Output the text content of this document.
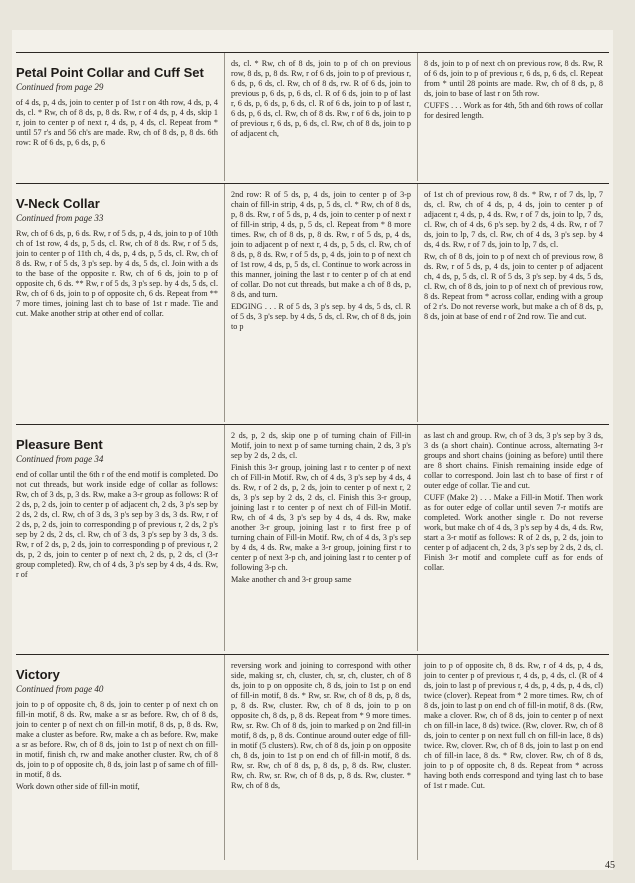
Petal Point Collar and Cuff Set
Continued from page 29

of 4 ds, p, 4 ds, join to center p of 1st r on 4th row, 4 ds, p, 4 ds, cl. * Rw, ch of 8 ds, p, 8 ds. Rw, r of 4 ds, p, 4 ds, skip 1 r, join to center p of next r, 4 ds, p, 4 ds, cl. Repeat from * until 57 r's and 56 ch's are made. Rw, ch of 8 ds, p, 8 ds. 6th row: R of 6 ds, p, 6 ds, p, 6

ds, cl. * Rw, ch of 8 ds, join to p of ch on previous row, 8 ds, p, 8 ds. Rw, r of 6 ds, join to p of previous r, 6 ds, p, 6 ds, cl. Rw, ch of 8 ds, rw. R of 6 ds, join to previous p, 6 ds, p, 6 ds, cl. R of 6 ds, join to p of last r, 6 ds, p, 6 ds, p, 6 ds, cl. R of 6 ds, join to p of last r, 6 ds, p, 6 ds, cl. Rw, ch of 8 ds. Rw, r of 6 ds, join to p of previous r, 6 ds, p, 6 ds, cl. Rw, ch of 8 ds, join to p of adjacent ch,

8 ds, join to p of next ch on previous row, 8 ds. Rw, R of 6 ds, join to p of previous r, 6 ds, p, 6 ds, cl. Repeat from * until 28 points are made. Rw, ch of 8 ds, p, 8 ds, join to base of last r on 5th row.

CUFFS . . . Work as for 4th, 5th and 6th rows of collar for desired length.

V-Neck Collar
Continued from page 33

Rw, ch of 6 ds, p, 6 ds. Rw, r of 5 ds, p, 4 ds, join to p of 10th ch of 1st row, 4 ds, p, 5 ds, cl. Rw, ch of 8 ds. Rw, r of 5 ds, join to center p of 11th ch, 4 ds, p, 4 ds, p, 5 ds, cl. Rw, ch of 8 ds. Rw, r of 5 ds, 3 p's sep. by 4 ds, 5 ds, cl. Join with a ds to the base of the opposite r. Rw, ch of 6 ds, join to p of opposite ch, 6 ds. ** Rw, r of 5 ds, 3 p's sep. by 4 ds, 5 ds, cl. Rw, ch of 6 ds, join to p of opposite ch, 6 ds. Repeat from ** 7 more times, joining last ch to base of 1st r made. Tie and cut. Make another strip at other end of collar.

2nd row: R of 5 ds, p, 4 ds, join to center p of 3-p chain of fill-in strip, 4 ds, p, 5 ds, cl. * Rw, ch of 8 ds, p, 8 ds. Rw, r of 5 ds, p, 4 ds, join to center p of next r of fill-in strip, 4 ds, p, 5 ds, cl. Repeat from * 8 more times. Rw, ch of 8 ds, p, 8 ds. Rw, r of 5 ds, p, 4 ds, join to adjacent p of next r, 4 ds, p, 5 ds, cl. Rw, ch of 8 ds, p, 8 ds. Rw, r of 5 ds, p, 4 ds, join to p of next ch of 1st row, 4 ds, p, 5 ds, cl. Continue to work across in this manner, joining the last r to center p of ch at end of collar. Do not cut threads, but make a ch of 8 ds, p, 8 ds, and turn.

EDGING . . . R of 5 ds, 3 p's sep. by 4 ds, 5 ds, cl. R of 5 ds, 3 p's sep. by 4 ds, 5 ds, cl. Rw, ch of 8 ds, join to p

of 1st ch of previous row, 8 ds. * Rw, r of 7 ds, lp, 7 ds, cl. Rw, ch of 4 ds, p, 4 ds, join to center p of adjacent r, 4 ds, p, 4 ds. Rw, r of 7 ds, join to lp, 7 ds, cl. Rw, ch of 4 ds, 6 p's sep. by 2 ds, 4 ds. Rw, r of 7 ds, join to lp, 7 ds, cl. Rw, ch of 4 ds, 3 p's sep. by 4 ds, 4 ds. Rw, r of 7 ds, join to lp, 7 ds, cl.

Rw, ch of 8 ds, join to p of next ch of previous row, 8 ds. Rw, r of 5 ds, p, 4 ds, join to center p of adjacent ch, 4 ds, p, 5 ds, cl. R of 5 ds, 3 p's sep. by 4 ds, 5 ds, cl. Rw, ch of 8 ds, join to p of next ch of previous row, 8 ds. Repeat from * across collar, ending with a group of 2 r's. Do not reverse work, but make a ch of 8 ds, p, 8 ds, join at base of end r of 2nd row. Tie and cut.

Pleasure Bent
Continued from page 34

end of collar until the 6th r of the end motif is completed. Do not cut threads, but work inside edge of collar as follows: Rw, ch of 3 ds, p, 3 ds. Rw, make a 3-r group as follows: R of 2 ds, p, 2 ds, join to center p of adjacent ch, 2 ds, 3 p's sep by 2 ds, 2 ds, cl. Rw, ch of 3 ds, 3 p's sep by 3 ds, 3 ds. Rw, r of 2 ds, p, 2 ds, join to corresponding p of previous r, 2 ds, 2 p's sep by 2 ds, 2 ds, cl. Rw, ch of 3 ds, 3 p's sep by 3 ds, 3 ds. Rw, r of 2 ds, p, 2 ds, join to corresponding p of previous r, 2 ds, p, 2 ds, join to center p of next ch, 2 ds, p, 2 ds, cl (3-r group completed). Rw, ch of 4 ds, 3 p's sep by 4 ds, 4 ds. Rw, r of

2 ds, p, 2 ds, skip one p of turning chain of Fill-in Motif, join to next p of same turning chain, 2 ds, 3 p's sep by 2 ds, 2 ds, cl.

Finish this 3-r group, joining last r to center p of next ch of Fill-in Motif. Rw, ch of 4 ds, 3 p's sep by 4 ds, 4 ds. Rw, r of 2 ds, p, 2 ds, join to center p of next r, 2 ds, 3 p's sep by 2 ds, 2 ds, cl. Finish this 3-r group, joining last r to center p of next ch of Fill-in Motif. Rw, ch of 4 ds, 3 p's sep by 4 ds, 4 ds. Rw, make another 3-r group, joining last r to first free p of turning chain of Fill-in Motif. Rw, ch of 4 ds, 3 p's sep by 4 ds, 4 ds. Rw, make a 3-r group, joining first r to center p of next 3-p ch, and joining last r to center p of following 3-p ch.

Make another ch and 3-r group same

as last ch and group. Rw, ch of 3 ds, 3 p's sep by 3 ds, 3 ds (a short chain). Continue across, alternating 3-r groups and short chains (joining as before) until there are 8 short chains. Finish remaining inside edge of collar to correspond. Join last ch to base of first r of outer edge of collar. Tie and cut.

CUFF (Make 2) . . . Make a Fill-in Motif. Then work as for outer edge of collar until seven 7-r motifs are completed. Work another single r. Do not reverse work, but make ch of 4 ds, 3 p's sep by 4 ds, 4 ds. Rw, start a 3-r motif as follows: R of 2 ds, p, 2 ds, join to center p of adjacent ch, 2 ds, 3 p's sep by 2 ds, 2 ds, cl. Finish 3-r motif and complete cuff as for ends of collar.

Victory
Continued from page 40

join to p of opposite ch, 8 ds, join to center p of next ch on fill-in motif, 8 ds. Rw, make a sr as before. Rw, ch of 8 ds, join to center p of next ch on fill-in motif, 8 ds, p, 8 ds. Rw, make a cluster as before. Rw, make a ch as before. Rw, make a sr as before. Rw, ch of 8 ds, join to 1st p of next ch on fill-in motif, finish ch, rw and make another cluster. Rw, ch of 8 ds, join to p of opposite ch, 8 ds, join last p of same ch of fill-in motif, 8 ds.

Work down other side of fill-in motif,

reversing work and joining to correspond with other side, making sr, ch, cluster, ch, sr, ch, cluster, ch of 8 ds, join to p on opposite ch, 8 ds, join to 1st p on end of fill-in motif, 8 ds. * Rw, sr. Rw, ch of 8 ds, p, 8 ds, p, 8 ds. Rw, cluster. Rw, ch of 8 ds, join to p on opposite ch, 8 ds, p, 8 ds. Repeat from * 9 more times. Rw, sr. Rw. Ch of 8 ds, join to marked p on 2nd fill-in motif, 8 ds, p, 8 ds. Continue around outer edge of fill-in motif (5 clusters). Rw, ch of 8 ds, join p on opposite ch, 8 ds, join to 1st p on end ch of fill-in motif, 8 ds. Rw, sr. Rw, ch of 8 ds, p, 8 ds, p, 8 ds. Rw, cluster. Rw, ch. Rw, sr. Rw, ch of 8 ds, p, 8 ds. Rw, cluster. * Rw, ch of 8 ds,

join to p of opposite ch, 8 ds. Rw, r of 4 ds, p, 4 ds, join to center p of previous r, 4 ds, p, 4 ds, cl. (R of 4 ds, join to last p of previous r, 4 ds, p, 4 ds, p, 4 ds, cl) twice (clover). Repeat from * 2 more times. Rw, ch of 8 ds, join to last p on end ch of fill-in motif, 8 ds. (Rw, make a clover. Rw, ch of 8 ds, join to center p of next ch on fill-in lace, 8 ds) twice. (Rw, clover. Rw, ch of 8 ds, join to center p on next full ch on fill-in lace, 8 ds) twice. Rw, clover. Rw, ch of 8 ds, join to last p on end ch of fill-in lace, 8 ds. * Rw, clover. Rw, ch of 8 ds, join to p of opposite ch, 8 ds. Repeat from * across having both ends correspond and tying last ch to base of 1st r made. Cut.

45
